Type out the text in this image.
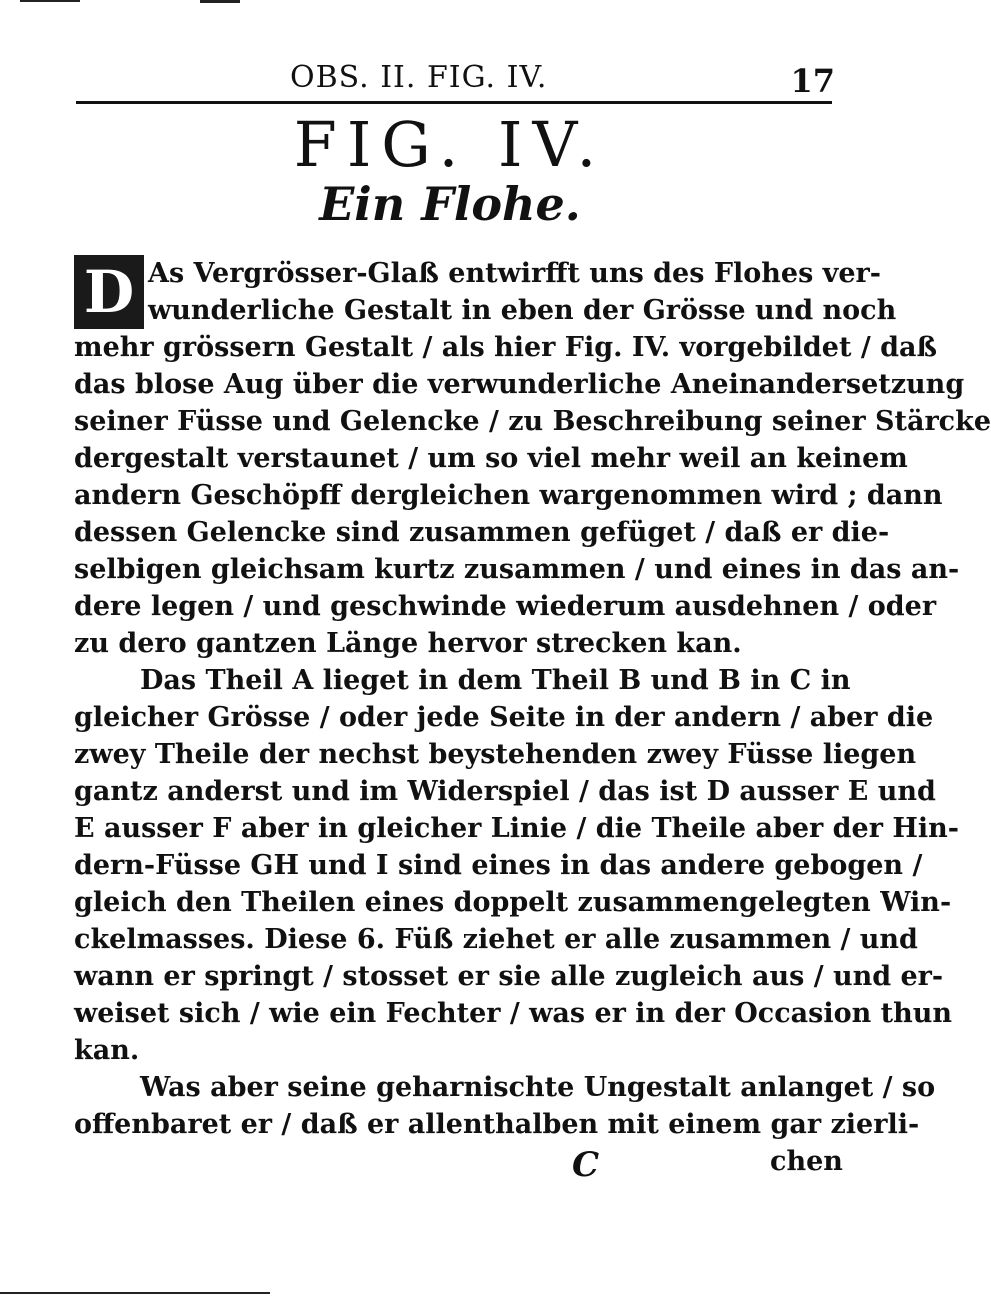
OBS. II. FIG. IV.	17
FIG. IV.
Ein Flohe.
D As Vergrösser-Glaß entwirfft uns des Flohes ver-
wunderliche Gestalt in eben der Grösse und noch
mehr grössern Gestalt / als hier Fig. IV. vorgebildet / daß
das blose Aug über die verwunderliche Aneinandersetzung
seiner Füsse und Gelencke / zu Beschreibung seiner Stärcke
dergestalt verstaunet / um so viel mehr weil an keinem
andern Geschöpff dergleichen wargenommen wird ; dann
dessen Gelencke sind zusammen gefüget / daß er die-
selbigen gleichsam kurtz zusammen / und eines in das an-
dere legen / und geschwinde wiederum ausdehnen / oder
zu dero gantzen Länge hervor strecken kan.
Das Theil A lieget in dem Theil B und B in C in
gleicher Grösse / oder jede Seite in der andern / aber die
zwey Theile der nechst beystehenden zwey Füsse liegen
gantz anderst und im Widerspiel / das ist D ausser E und
E ausser F aber in gleicher Linie / die Theile aber der Hin-
dern-Füsse GH und I sind eines in das andere gebogen /
gleich den Theilen eines doppelt zusammengelegten Win-
ckelmasses. Diese 6. Füß ziehet er alle zusammen / und
wann er springt / stosset er sie alle zugleich aus / und er-
weiset sich / wie ein Fechter / was er in der Occasion thun
kan.
Was aber seine geharnischte Ungestalt anlanget / so
offenbaret er / daß er allenthalben mit einem gar zierli-
C	chen
